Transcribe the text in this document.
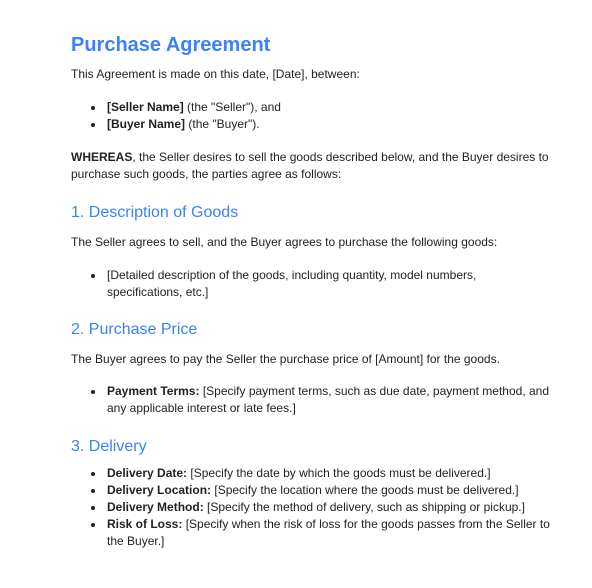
Purchase Agreement

This Agreement is made on this date, [Date], between:

[Seller Name] (the "Seller"), and
[Buyer Name] (the "Buyer").

WHEREAS, the Seller desires to sell the goods described below, and the Buyer desires to purchase such goods, the parties agree as follows:

1. Description of Goods

The Seller agrees to sell, and the Buyer agrees to purchase the following goods:

[Detailed description of the goods, including quantity, model numbers, specifications, etc.]
2. Purchase Price

The Buyer agrees to pay the Seller the purchase price of [Amount] for the goods.

Payment Terms: [Specify payment terms, such as due date, payment method, and any applicable interest or late fees.]
3. Delivery
Delivery Date: [Specify the date by which the goods must be delivered.]
Delivery Location: [Specify the location where the goods must be delivered.]
Delivery Method: [Specify the method of delivery, such as shipping or pickup.]
Risk of Loss: [Specify when the risk of loss for the goods passes from the Seller to the Buyer.]
